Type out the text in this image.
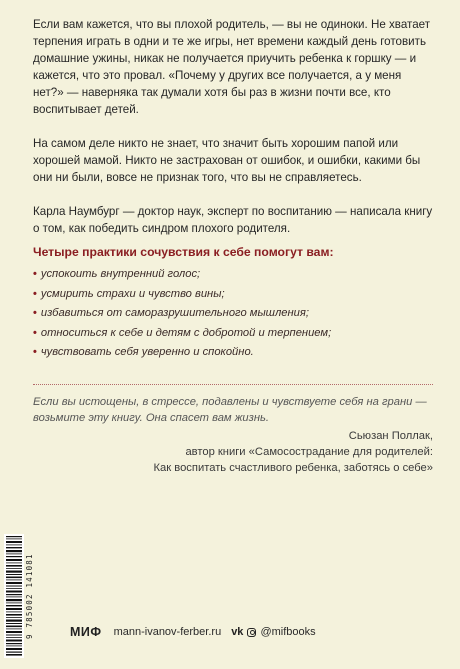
Если вам кажется, что вы плохой родитель, — вы не одиноки. Не хватает терпения играть в одни и те же игры, нет времени каждый день готовить домашние ужины, никак не получается приучить ребенка к горшку — и кажется, что это провал. «Почему у других все получается, а у меня нет?» — наверняка так думали хотя бы раз в жизни почти все, кто воспитывает детей.

На самом деле никто не знает, что значит быть хорошим папой или хорошей мамой. Никто не застрахован от ошибок, и ошибки, какими бы они ни были, вовсе не признак того, что вы не справляетесь.

Карла Наумбург — доктор наук, эксперт по воспитанию — написала книгу о том, как победить синдром плохого родителя.

Четыре практики сочувствия к себе помогут вам:
• успокоить внутренний голос;
• усмирить страхи и чувство вины;
• избавиться от саморазрушительного мышления;
• относиться к себе и детям с добротой и терпением;
• чувствовать себя уверенно и спокойно.

Если вы истощены, в стрессе, подавлены и чувствуете себя на грани — возьмите эту книгу. Она спасет вам жизнь.

Сьюзан Поллак,
автор книги «Самосострадание для родителей:
Как воспитать счастливого ребенка, заботясь о себе»
9 785002 141081	МИФ mann-ivanov-ferber.ru vk @mifbooks
